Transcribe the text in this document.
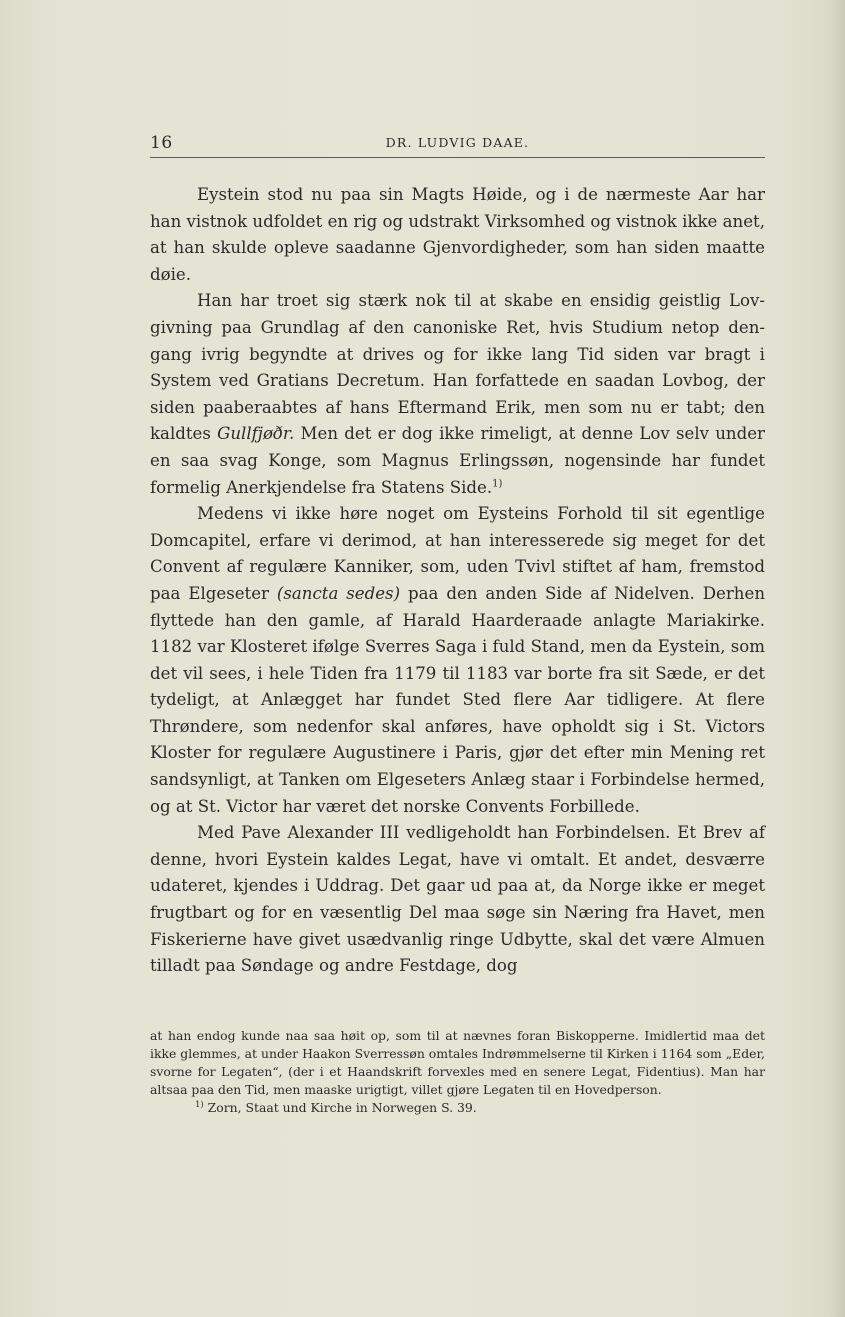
16	DR. LUDVIG DAAE.

Eystein stod nu paa sin Magts Høide, og i de nærmeste Aar har han vistnok udfoldet en rig og udstrakt Virksomhed og vistnok ikke anet, at han skulde opleve saadanne Gjenvordigheder, som han siden maatte døie.

Han har troet sig stærk nok til at skabe en ensidig geistlig Lovgivning paa Grundlag af den canoniske Ret, hvis Studium netop dengang ivrig begyndte at drives og for ikke lang Tid siden var bragt i System ved Gratians Decretum. Han forfattede en saadan Lovbog, der siden paaberaabtes af hans Eftermand Erik, men som nu er tabt; den kaldtes Gullfjøðr. Men det er dog ikke rimeligt, at denne Lov selv under en saa svag Konge, som Magnus Erlingssøn, nogensinde har fundet formelig Anerkjendelse fra Statens Side.$^{1)}$

Medens vi ikke høre noget om Eysteins Forhold til sit egentlige Domcapitel, erfare vi derimod, at han interesserede sig meget for det Convent af regulære Kanniker, som, uden Tvivl stiftet af ham, fremstod paa Elgeseter (sancta sedes) paa den anden Side af Nidelven. Derhen flyttede han den gamle, af Harald Haarderaade anlagte Mariakirke. 1182 var Klosteret ifølge Sverres Saga i fuld Stand, men da Eystein, som det vil sees, i hele Tiden fra 1179 til 1183 var borte fra sit Sæde, er det tydeligt, at Anlægget har fundet Sted flere Aar tidligere. At flere Thrøndere, som nedenfor skal anføres, have opholdt sig i St. Victors Kloster for regulære Augustinere i Paris, gjør det efter min Mening ret sandsynligt, at Tanken om Elgeseters Anlæg staar i Forbindelse hermed, og at St. Victor har været det norske Convents Forbillede.

Med Pave Alexander III vedligeholdt han Forbindelsen. Et Brev af denne, hvori Eystein kaldes Legat, have vi omtalt. Et andet, desværre udateret, kjendes i Uddrag. Det gaar ud paa at, da Norge ikke er meget frugtbart og for en væsentlig Del maa søge sin Næring fra Havet, men Fiskerierne have givet usædvanlig ringe Udbytte, skal det være Almuen tilladt paa Søndage og andre Festdage, dog

at han endog kunde naa saa høit op, som til at nævnes foran Biskopperne. Imidlertid maa det ikke glemmes, at under Haakon Sverressøn omtales Indrømmelserne til Kirken i 1164 som „Eder, svorne for Legaten“, (der i et Haandskrift forvexles med en senere Legat, Fidentius). Man har altsaa paa den Tid, men maaske urigtigt, villet gjøre Legaten til en Hovedperson.

$^{1)}$ Zorn, Staat und Kirche in Norwegen S. 39.
